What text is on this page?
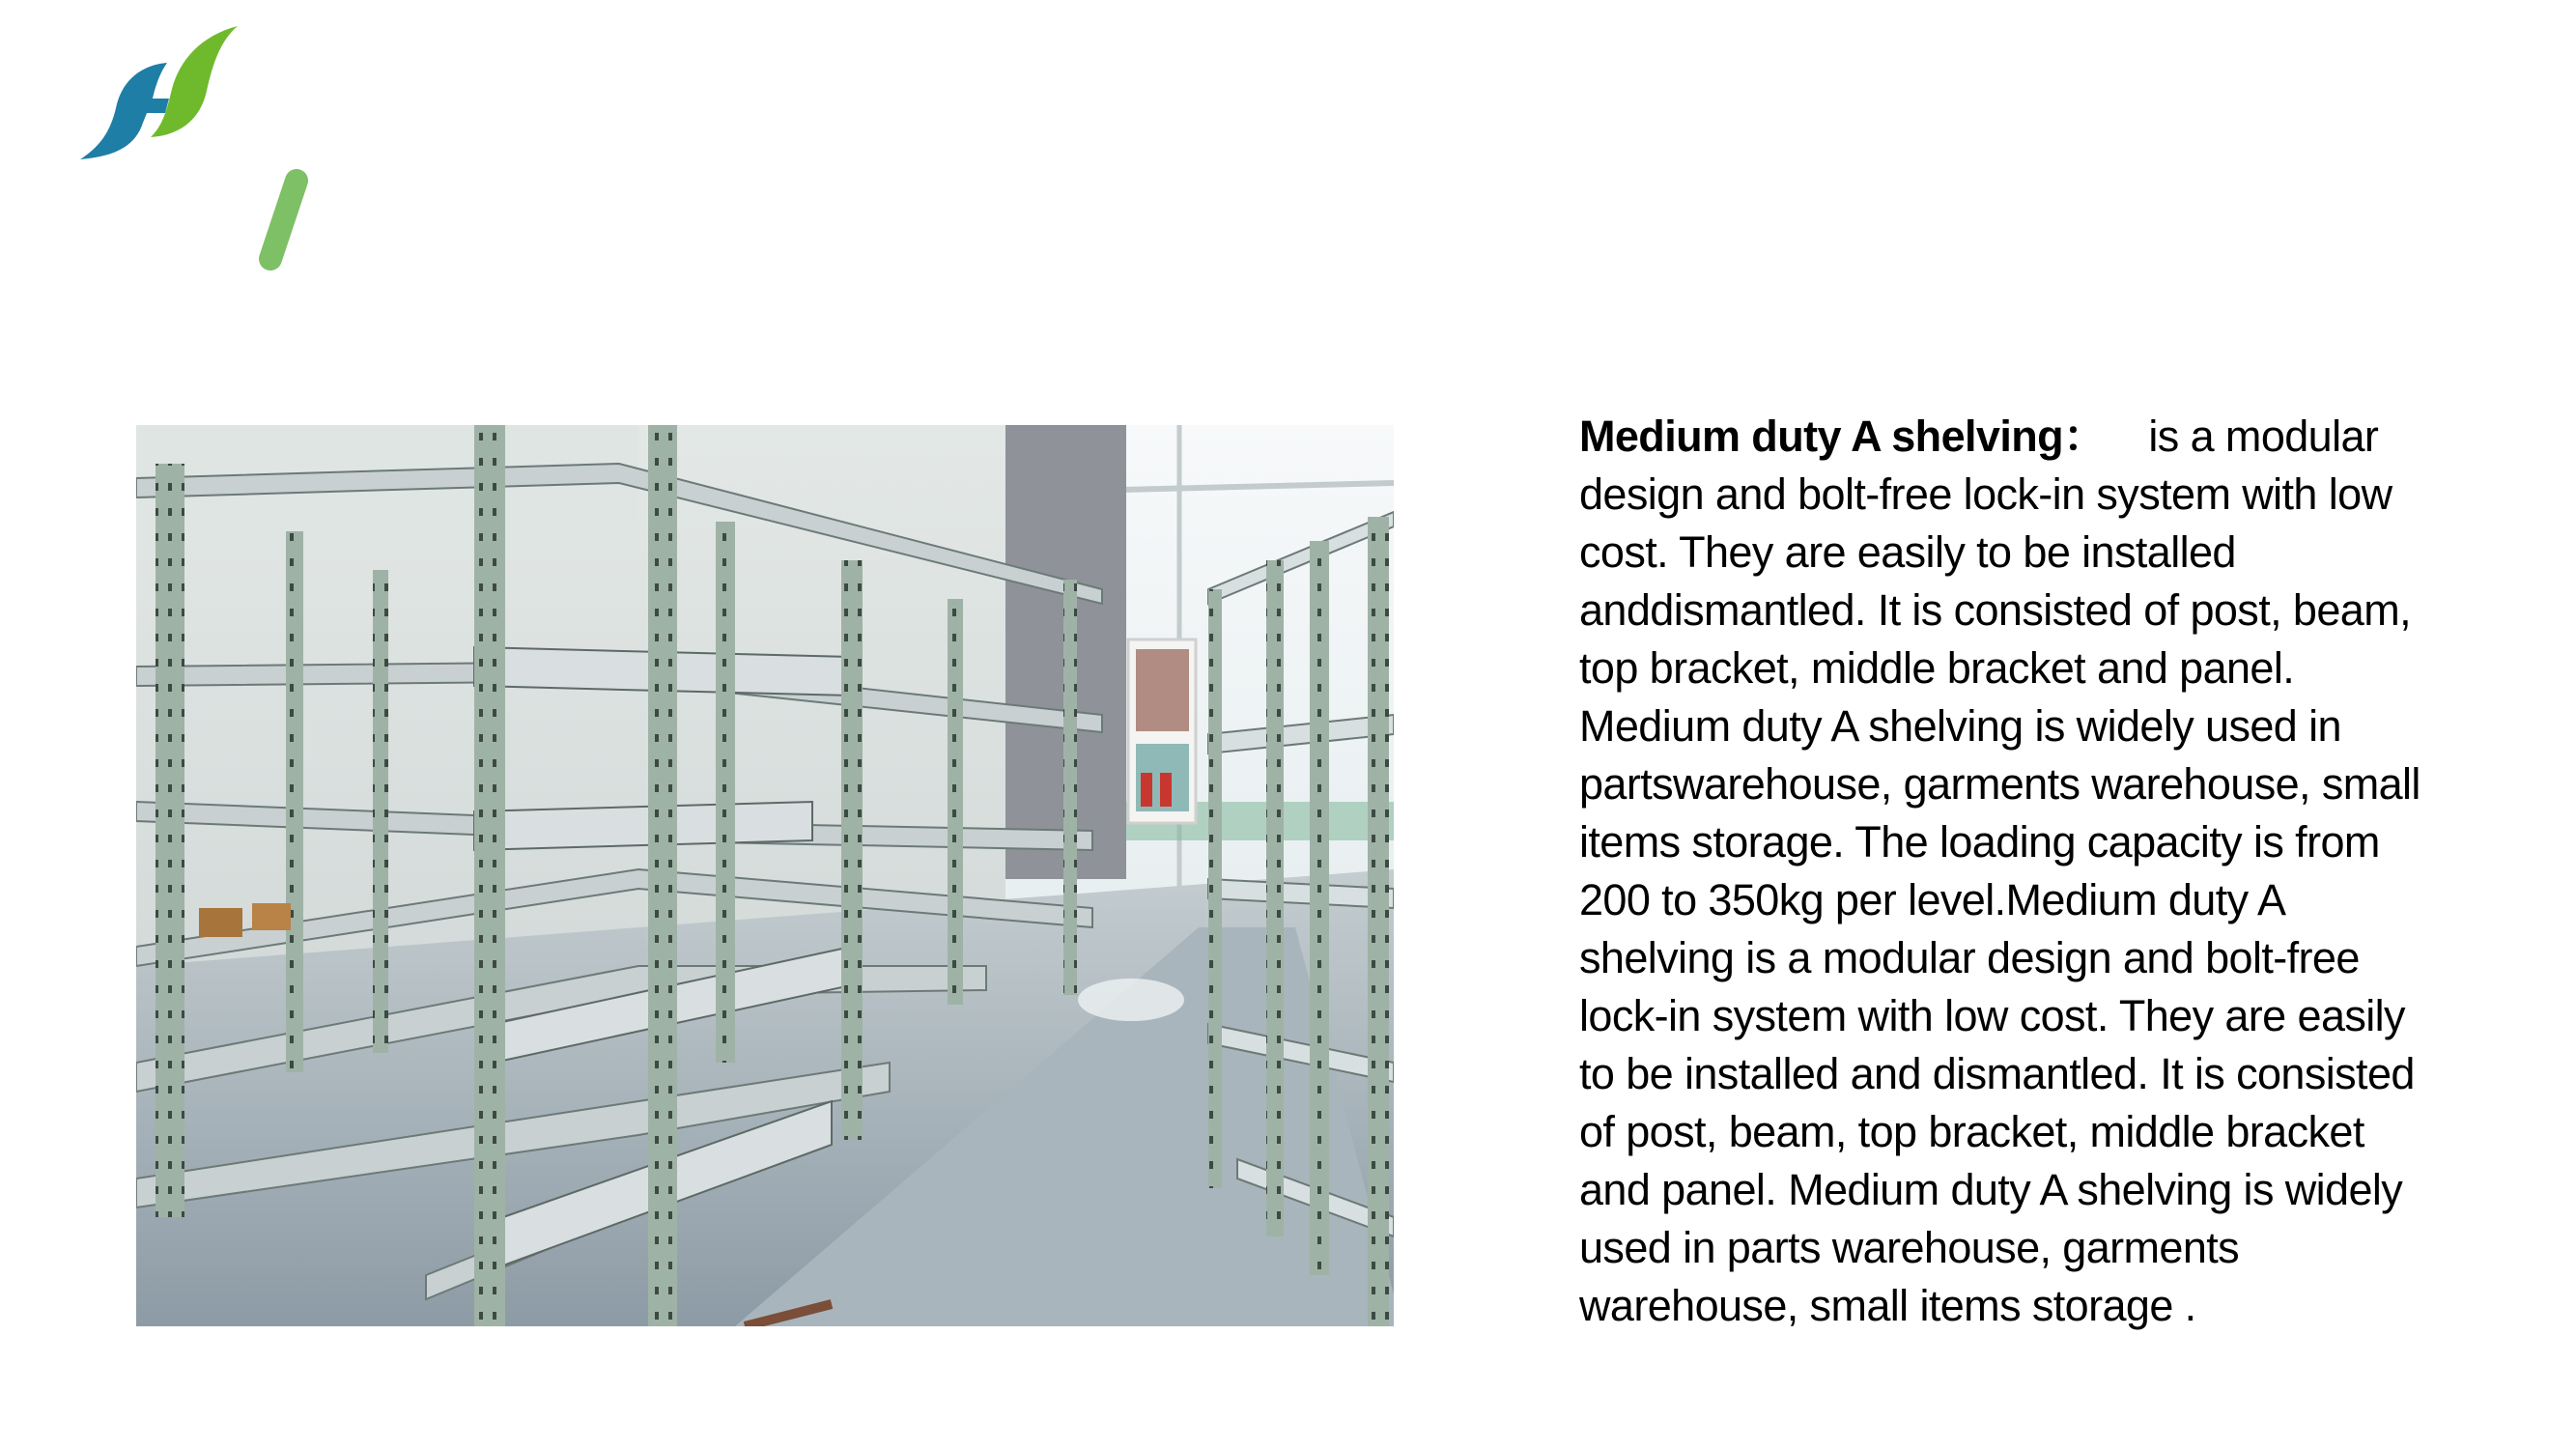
Medium duty A shelving： is a modular
design and bolt-free lock-in system with low
cost. They are easily to be installed
anddismantled. It is consisted of post, beam,
top bracket, middle bracket and panel.
Medium duty A shelving is widely used in
partswarehouse, garments warehouse, small
items storage. The loading capacity is from
200 to 350kg per level.Medium duty A
shelving is a modular design and bolt-free
lock-in system with low cost. They are easily
to be installed and dismantled. It is consisted
of post, beam, top bracket, middle bracket
and panel. Medium duty A shelving is widely
used in parts warehouse, garments
warehouse, small items storage .
